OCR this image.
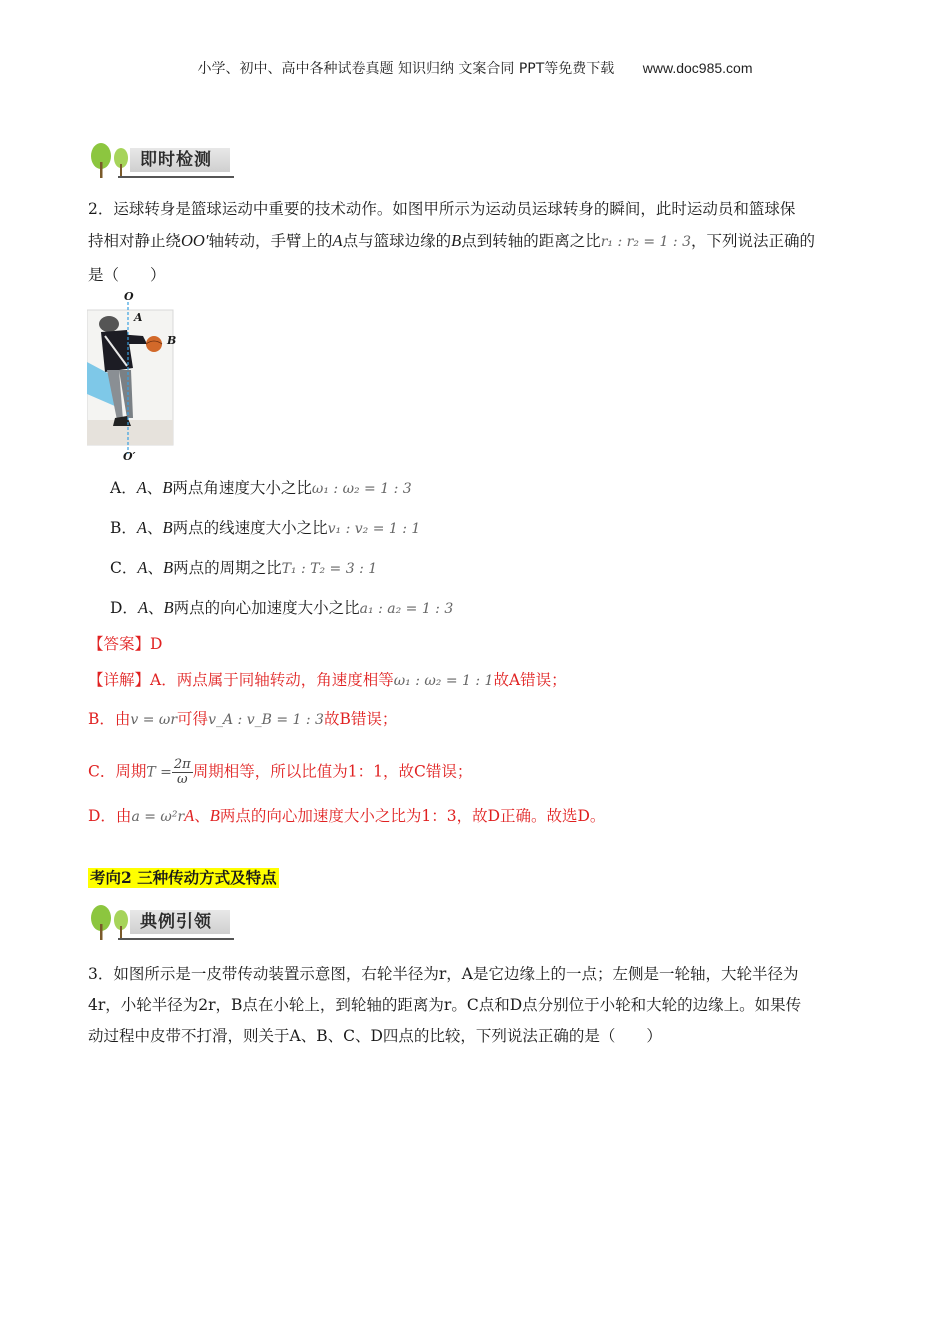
小学、初中、高中各种试卷真题 知识归纳 文案合同 PPT等免费下载 www.doc985.com
即时检测
2．运球转身是篮球运动中重要的技术动作。如图甲所示为运动员运球转身的瞬间，此时运动员和篮球保
持相对静止绕OO′轴转动，手臂上的A点与篮球边缘的B点到转轴的距离之比r₁ : r₂ = 1 : 3，下列说法正确的
是（　　）
O
A
B
O′
A．A、B两点角速度大小之比ω₁ : ω₂ = 1 : 3
B．A、B两点的线速度大小之比v₁ : v₂ = 1 : 1
C．A、B两点的周期之比T₁ : T₂ = 3 : 1
D．A、B两点的向心加速度大小之比a₁ : a₂ = 1 : 3
【答案】D
【详解】A．两点属于同轴转动，角速度相等ω₁ : ω₂ = 1 : 1故A错误；
B．由v = ωr可得v_A : v_B = 1 : 3故B错误；
C．周期$T = \frac{2\pi}{\omega}$ 周期相等，所以比值为1：1，故C错误；
D．由a = ω²rA、B两点的向心加速度大小之比为1：3，故D正确。故选D。
考向2 三种传动方式及特点
典例引领
3．如图所示是一皮带传动装置示意图，右轮半径为r，A是它边缘上的一点；左侧是一轮轴，大轮半径为
4r，小轮半径为2r，B点在小轮上，到轮轴的距离为r。C点和D点分别位于小轮和大轮的边缘上。如果传
动过程中皮带不打滑，则关于A、B、C、D四点的比较，下列说法正确的是（　　）
